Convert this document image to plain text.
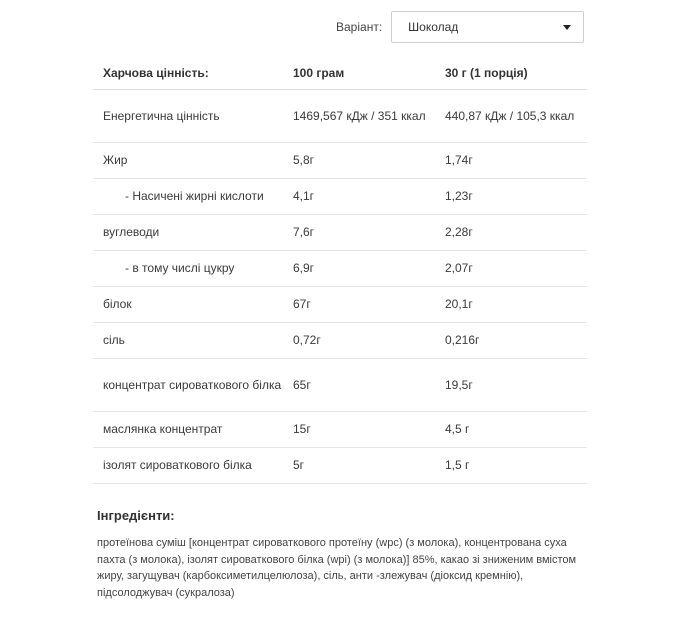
Варіант: Шоколад
Харчова цінність:	100 грам	30 г (1 порція)
Енергетична цінність	1469,567 кДж / 351 ккал	440,87 кДж / 105,3 ккал
Жир	5,8г	1,74г
- Насичені жирні кислоти	4,1г	1,23г
вуглеводи	7,6г	2,28г
- в тому числі цукру	6,9г	2,07г
білок	67г	20,1г
сіль	0,72г	0,216г
концентрат сироваткового білка	65г	19,5г
маслянка концентрат	15г	4,5 г
ізолят сироваткового білка	5г	1,5 г
Інгредієнти:

протеїнова суміш [концентрат сироваткового протеїну (wpc) (з молока), концентрована суха пахта (з молока), ізолят сироваткового білка (wpi) (з молока)] 85%, какао зі зниженим вмістом жиру, загущувач (карбоксиметилцелюлоза), сіль, анти -злежувач (діоксид кремнію), підсолоджувач (сукралоза)
